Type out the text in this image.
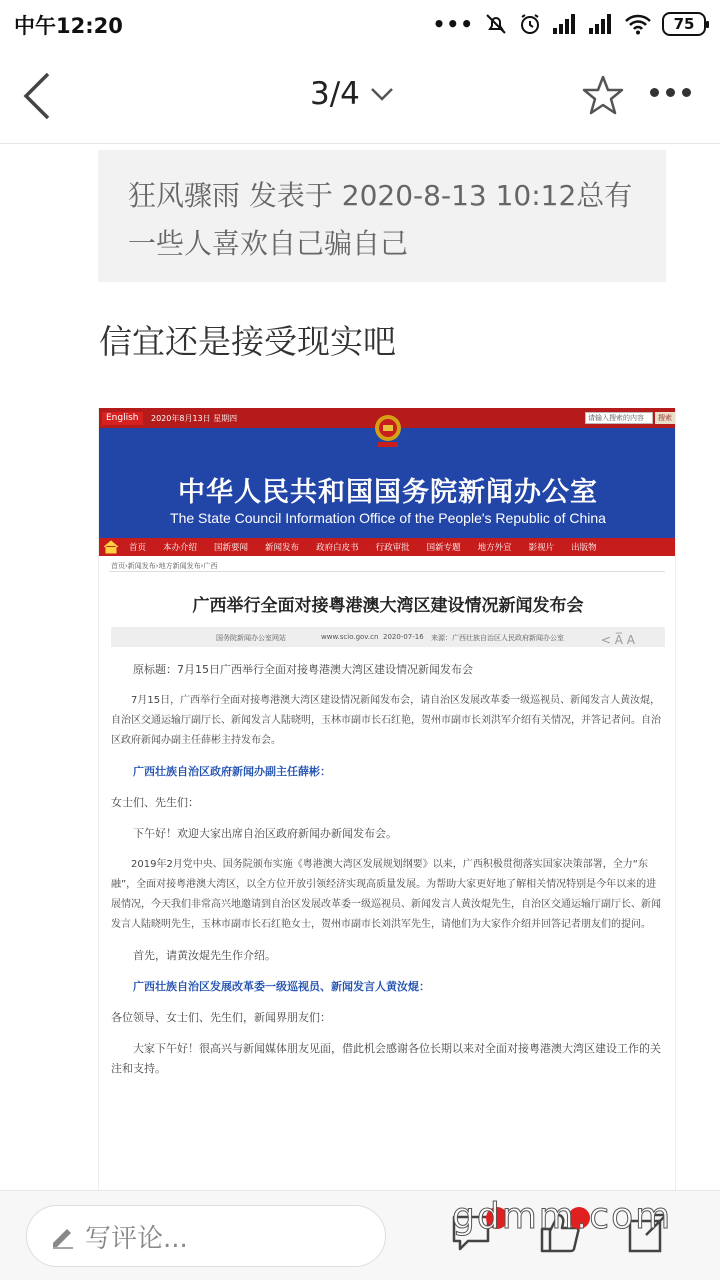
中午12:20	•••	75
3/4
狂风骤雨 发表于 2020-8-13 10:12总有一些人喜欢自己骗自己
信宜还是接受现实吧
English	2020年8月13日 星期四	请输入搜索的内容	搜索
中华人民共和国国务院新闻办公室
The State Council Information Office of the People's Republic of China
首页 本办介绍 国新要闻 新闻发布 政府白皮书 行政审批 国新专题 地方外宣 影视片 出版物
首页›新闻发布›地方新闻发布›广西
广西举行全面对接粤港澳大湾区建设情况新闻发布会
国务院新闻办公室网站	www.scio.gov.cn 2020-07-16 来源：广西壮族自治区人民政府新闻办公室	< A̅ A
原标题：7月15日广西举行全面对接粤港澳大湾区建设情况新闻发布会
7月15日，广西举行全面对接粤港澳大湾区建设情况新闻发布会，请自治区发展改革委一级巡视员、新闻发言人黄汝焜，自治区交通运输厅副厅长、新闻发言人陆晓明，玉林市副市长石红艳，贺州市副市长刘洪军介绍有关情况，并答记者问。自治区政府新闻办副主任薛彬主持发布会。
广西壮族自治区政府新闻办副主任薛彬：
女士们、先生们：
下午好！欢迎大家出席自治区政府新闻办新闻发布会。
2019年2月党中央、国务院颁布实施《粤港澳大湾区发展规划纲要》以来，广西积极贯彻落实国家决策部署，全力“东融”，全面对接粤港澳大湾区，以全方位开放引领经济实现高质量发展。为帮助大家更好地了解相关情况特别是今年以来的进展情况，今天我们非常高兴地邀请到自治区发展改革委一级巡视员、新闻发言人黄汝焜先生，自治区交通运输厅副厅长、新闻发言人陆晓明先生，玉林市副市长石红艳女士，贺州市副市长刘洪军先生，请他们为大家作介绍并回答记者朋友们的提问。
首先，请黄汝焜先生作介绍。
广西壮族自治区发展改革委一级巡视员、新闻发言人黄汝焜：
各位领导、女士们、先生们，新闻界朋友们：
大家下午好！很高兴与新闻媒体朋友见面，借此机会感谢各位长期以来对全面对接粤港澳大湾区建设工作的关注和支持。
写评论...
gdmm.com
